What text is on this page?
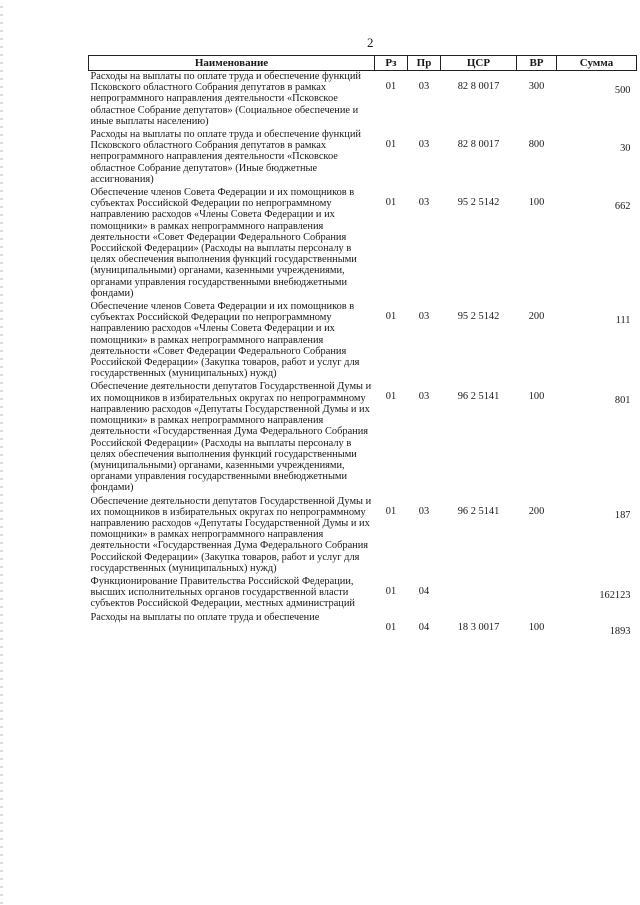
2
Наименование	Рз	Пр	ЦСР	ВР	Сумма
Расходы на выплаты по оплате труда и обеспечение функций Псковского областного Собрания депутатов в рамках непрограммного направления деятельности «Псковское областное Собрание депутатов» (Социальное обеспечение и иные выплаты населению)	01	03	82 8 0017	300	500
Расходы на выплаты по оплате труда и обеспечение функций Псковского областного Собрания депутатов в рамках непрограммного направления деятельности «Псковское областное Собрание депутатов» (Иные бюджетные ассигнования)	01	03	82 8 0017	800	30
Обеспечение членов Совета Федерации и их помощников в субъектах Российской Федерации по непрограммному направлению расходов «Члены Совета Федерации и их помощники» в рамках непрограммного направления деятельности «Совет Федерации Федерального Собрания Российской Федерации» (Расходы на выплаты персоналу в целях обеспечения выполнения функций государственными (муниципальными) органами, казенными учреждениями, органами управления государственными внебюджетными фондами)	01	03	95 2 5142	100	662
Обеспечение членов Совета Федерации и их помощников в субъектах Российской Федерации по непрограммному направлению расходов «Члены Совета Федерации и их помощники» в рамках непрограммного направления деятельности «Совет Федерации Федерального Собрания Российской Федерации» (Закупка товаров, работ и услуг для государственных (муниципальных) нужд)	01	03	95 2 5142	200	111
Обеспечение деятельности депутатов Государственной Думы и их помощников в избирательных округах по непрограммному направлению расходов «Депутаты Государственной Думы и их помощники» в рамках непрограммного направления деятельности «Государственная Дума Федерального Собрания Российской Федерации» (Расходы на выплаты персоналу в целях обеспечения выполнения функций государственными (муниципальными) органами, казенными учреждениями, органами управления государственными внебюджетными фондами)	01	03	96 2 5141	100	801
Обеспечение деятельности депутатов Государственной Думы и их помощников в избирательных округах по непрограммному направлению расходов «Депутаты Государственной Думы и их помощники» в рамках непрограммного направления деятельности «Государственная Дума Федерального Собрания Российской Федерации» (Закупка товаров, работ и услуг для государственных (муниципальных) нужд)	01	03	96 2 5141	200	187
Функционирование Правительства Российской Федерации, высших исполнительных органов государственной власти субъектов Российской Федерации, местных администраций	01	04			162123
Расходы на выплаты по оплате труда и обеспечение	01	04	18 3 0017	100	1893
